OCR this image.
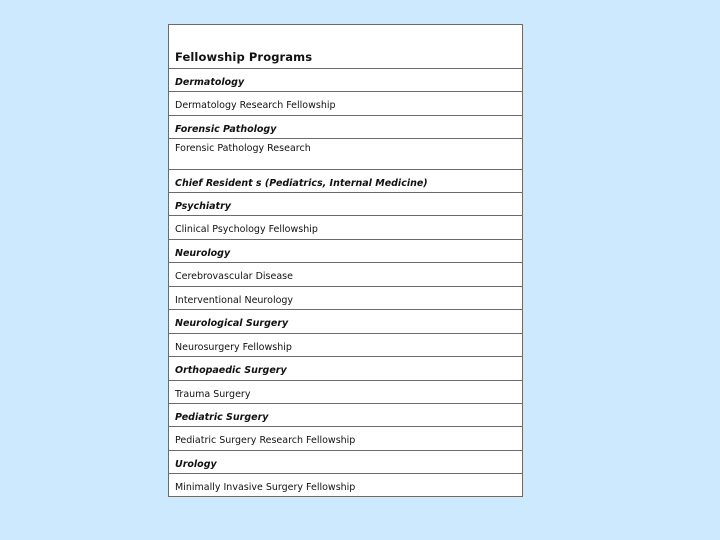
Fellowship Programs
Dermatology
Dermatology Research Fellowship
Forensic Pathology
Forensic Pathology Research
Chief Resident s (Pediatrics, Internal Medicine)
Psychiatry
Clinical Psychology Fellowship
Neurology
Cerebrovascular Disease
Interventional Neurology
Neurological Surgery
Neurosurgery Fellowship
Orthopaedic Surgery
Trauma Surgery
Pediatric Surgery
Pediatric Surgery Research Fellowship
Urology
Minimally Invasive Surgery Fellowship
